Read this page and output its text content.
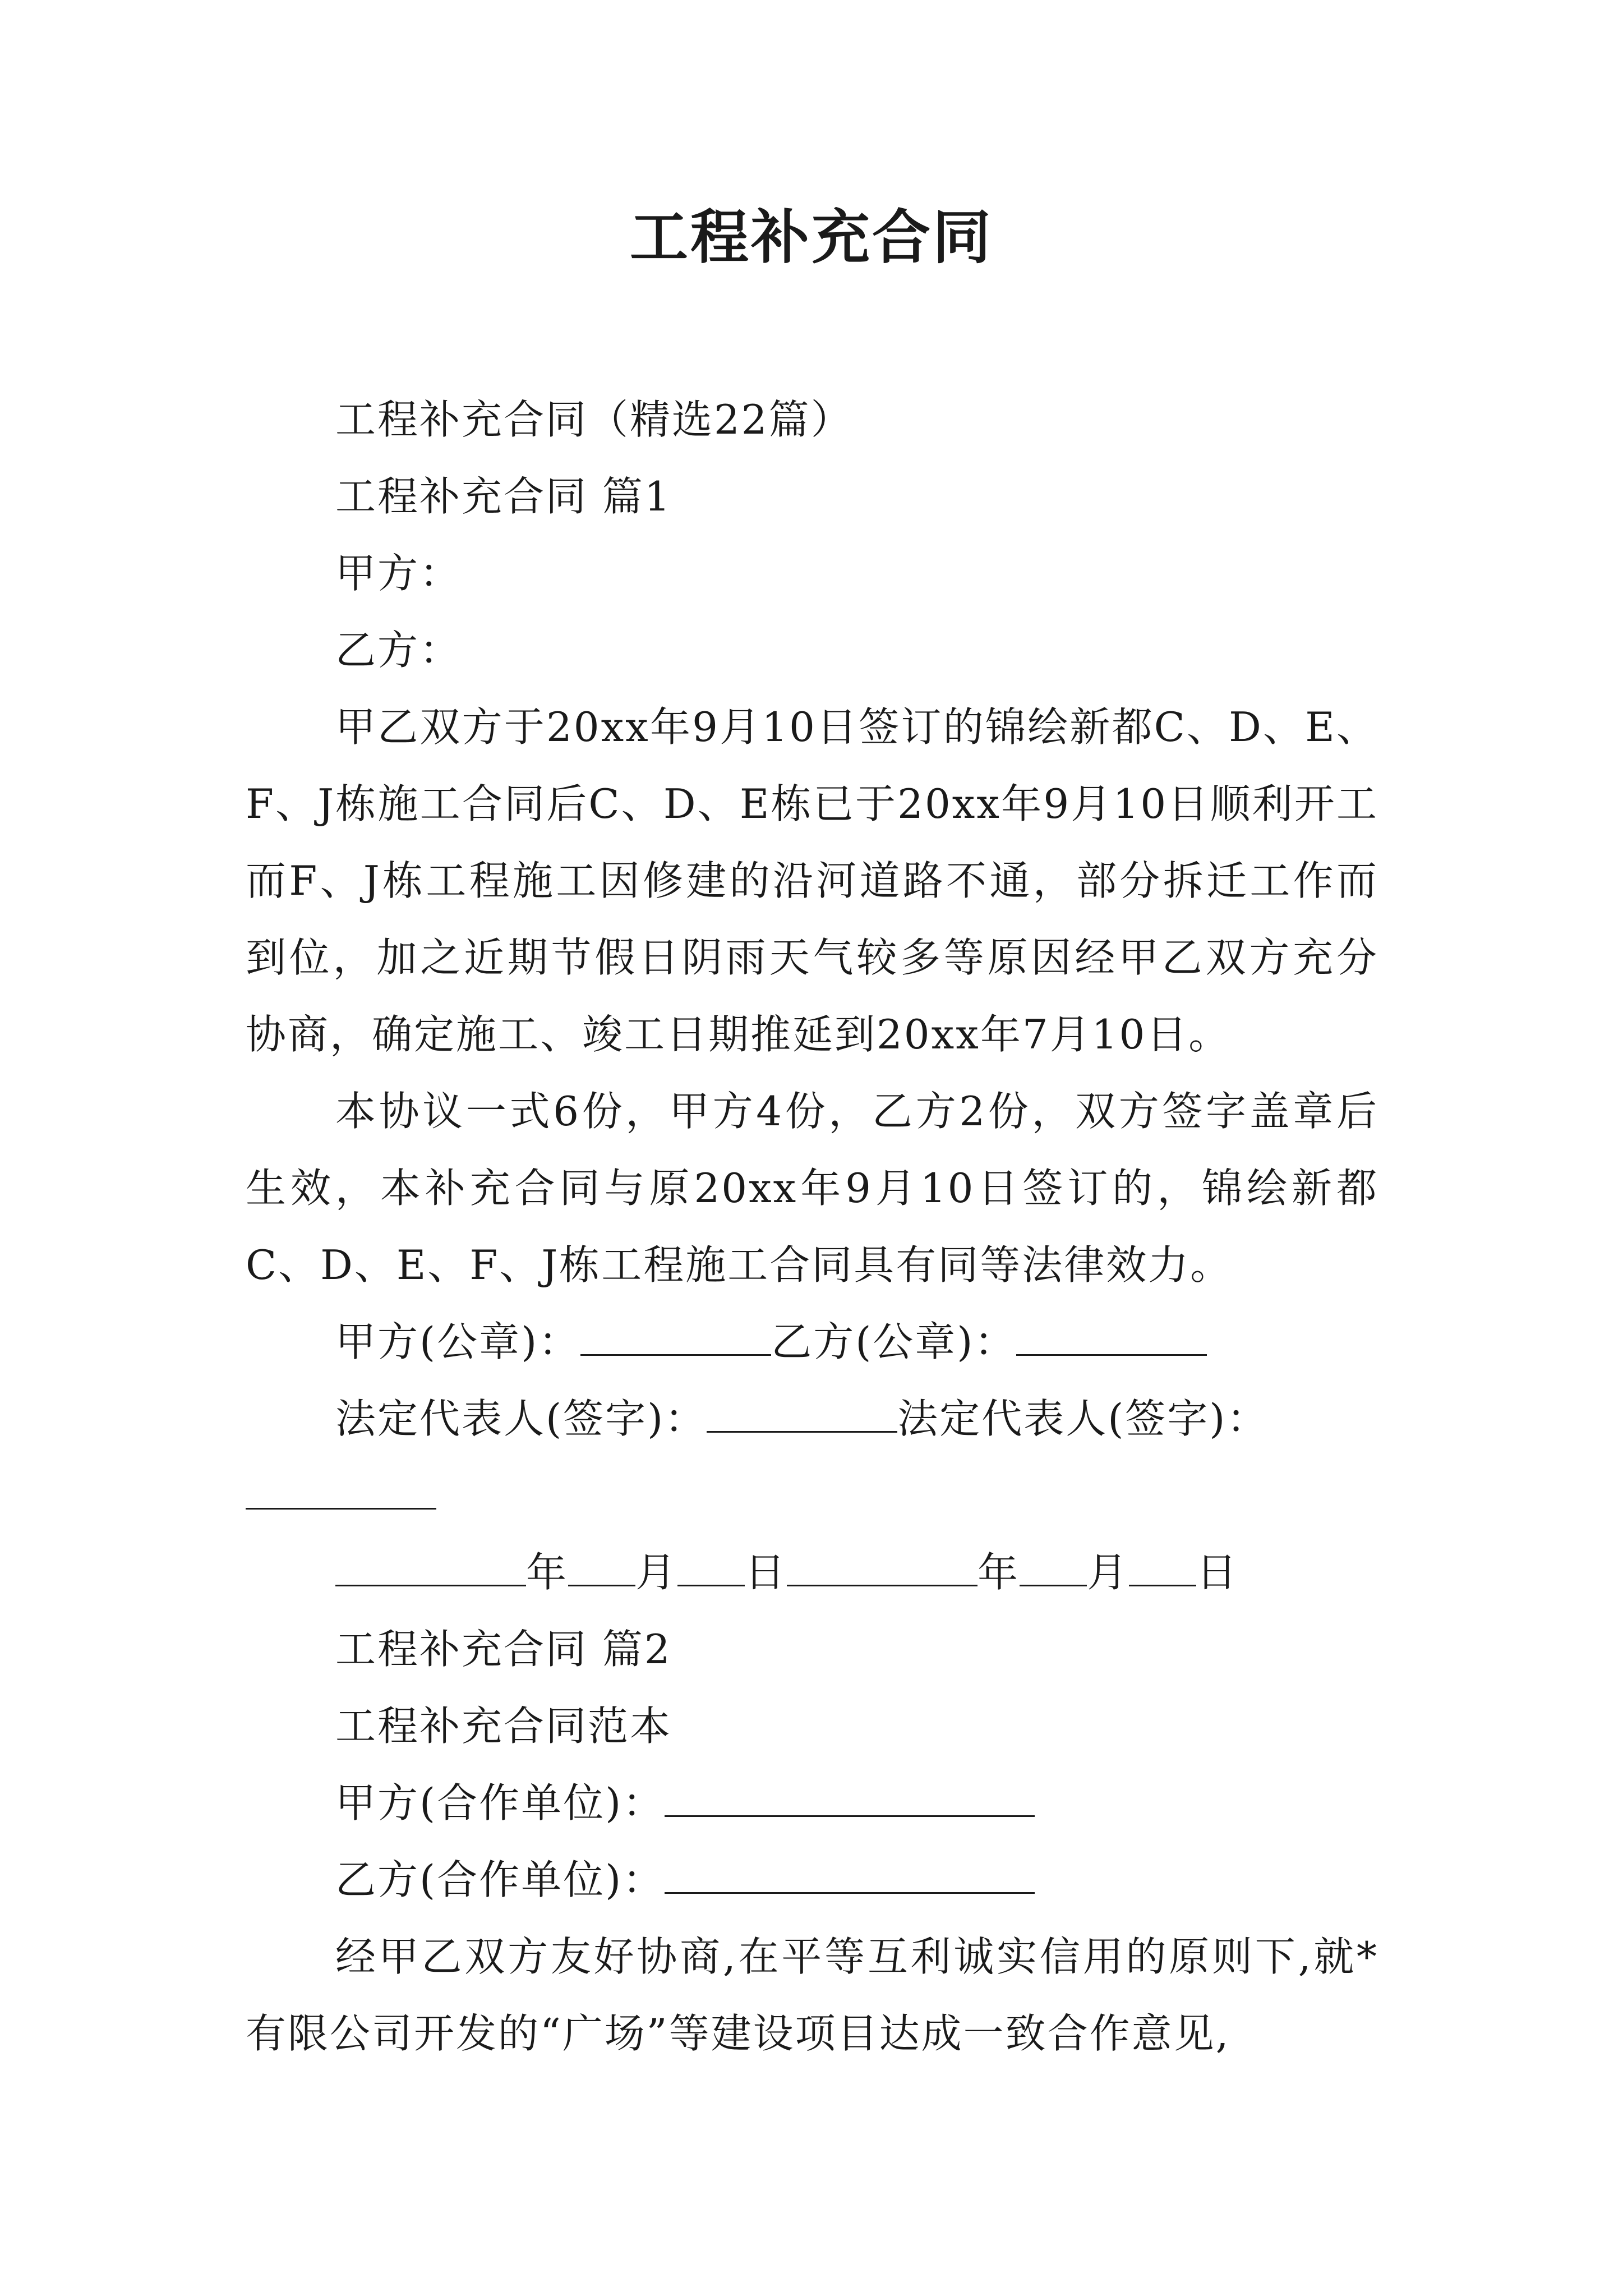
工程补充合同
工程补充合同（精选22篇）
工程补充合同 篇1
甲方：
乙方：

甲乙双方于20xx年9月10日签订的锦绘新都C、D、E、F、J栋施工合同后C、D、E栋已于20xx年9月10日顺利开工而F、J栋工程施工因修建的沿河道路不通，部分拆迁工作而到位，加之近期节假日阴雨天气较多等原因经甲乙双方充分协商，确定施工、竣工日期推延到20xx年7月10日。

本协议一式6份，甲方4份，乙方2份，双方签字盖章后生效，本补充合同与原20xx年9月10日签订的，锦绘新都C、D、E、F、J栋工程施工合同具有同等法律效力。

甲方(公章)：	乙方(公章)：
法定代表人(签字)：	法定代表人(签字)：
年 月 日	年 月 日
工程补充合同 篇2
工程补充合同范本
甲方(合作单位)：
乙方(合作单位)：

经甲乙双方友好协商,在平等互利诚实信用的原则下,就*有限公司开发的“广场”等建设项目达成一致合作意见,
